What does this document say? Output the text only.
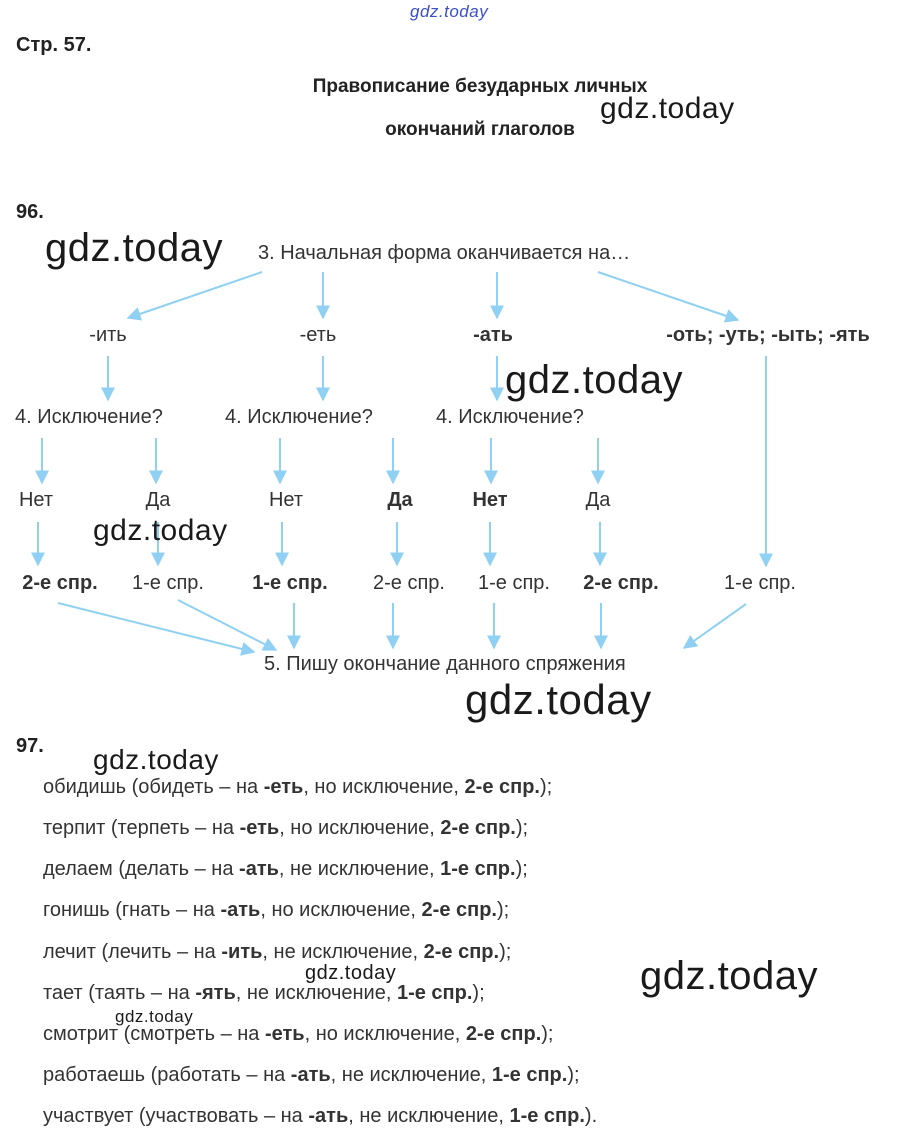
gdz.today
gdz.today
gdz.today
gdz.today
gdz.today
gdz.today
gdz.today
gdz.today
gdz.today
gdz.today
Стр. 57.
Правописание безударных личных
окончаний глаголов
96.
3. Начальная форма оканчивается на…
-ить	-еть	-ать	-оть; -уть; -ыть; -ять
4. Исключение?	4. Исключение?	4. Исключение?
Нет	Да	Нет	Да	Нет	Да
2-е спр. 1-е спр. 1-е спр. 2-е спр. 1-е спр. 2-е спр.	1-е спр.
5. Пишу окончание данного спряжения
97.
обидишь (обидеть – на -еть, но исключение, 2-е спр.);
терпит (терпеть – на -еть, но исключение, 2-е спр.);
делаем (делать – на -ать, не исключение, 1-е спр.);
гонишь (гнать – на -ать, но исключение, 2-е спр.);
лечит (лечить – на -ить, не исключение, 2-е спр.);
тает (таять – на -ять, не исключение, 1-е спр.);
смотрит (смотреть – на -еть, но исключение, 2-е спр.);
работаешь (работать – на -ать, не исключение, 1-е спр.);
участвует (участвовать – на -ать, не исключение, 1-е спр.).
